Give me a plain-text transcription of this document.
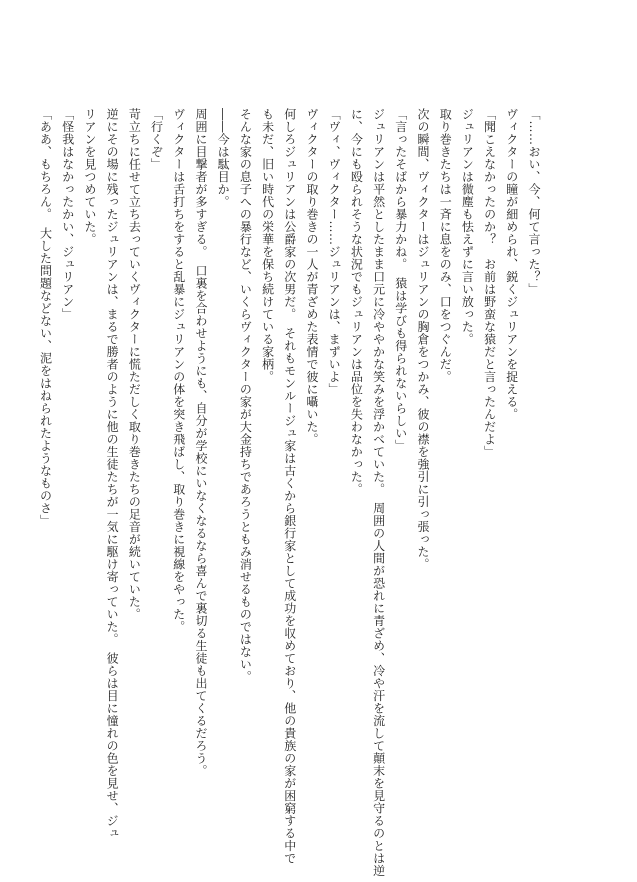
「……おい、今、何て言った？」

ヴィクターの瞳が細められ、鋭くジュリアンを捉える。

「聞こえなかったのか？　お前は野蛮な猿だと言ったんだよ」

ジュリアンは微塵も怯えずに言い放った。

取り巻きたちは一斉に息をのみ、口をつぐんだ。

次の瞬間、ヴィクターはジュリアンの胸倉をつかみ、彼の襟を強引に引っ張った。

「言ったそばから暴力かね。　猿は学びも得られないらしい」

ジュリアンは平然としたまま口元に冷ややかな笑みを浮かべていた。　周囲の人間が恐れに青ざめ、冷や汗を流して顛末を見守るのとは逆

に、今にも殴られそうな状況でもジュリアンは品位を失わなかった。

「ヴィ、ヴィクター……ジュリアンは、まずいよ」

ヴィクターの取り巻きの一人が青ざめた表情で彼に囁いた。

何しろジュリアンは公爵家の次男だ。　それもモンルージュ家は古くから銀行家として成功を収めており、他の貴族の家が困窮する中で

も未だ、旧い時代の栄華を保ち続けている家柄。

そんな家の息子への暴行など、いくらヴィクターの家が大金持ちであろうともみ消せるものではない。

――今は駄目か。

周囲に目撃者が多すぎる。　口裏を合わせようにも、自分が学校にいなくなるなら喜んで裏切る生徒も出てくるだろう。

ヴィクターは舌打ちをすると乱暴にジュリアンの体を突き飛ばし、取り巻きに視線をやった。

「行くぞ」

苛立ちに任せて立ち去っていくヴィクターに慌ただしく取り巻きたちの足音が続いていた。

逆にその場に残ったジュリアンは、まるで勝者のように他の生徒たちが一気に駆け寄っていた。　彼らは目に憧れの色を見せ、ジュ

リアンを見つめていた。

「怪我はなかったかい、ジュリアン」

「ああ、もちろん。　大した問題などない、泥をはねられたようなものさ」
